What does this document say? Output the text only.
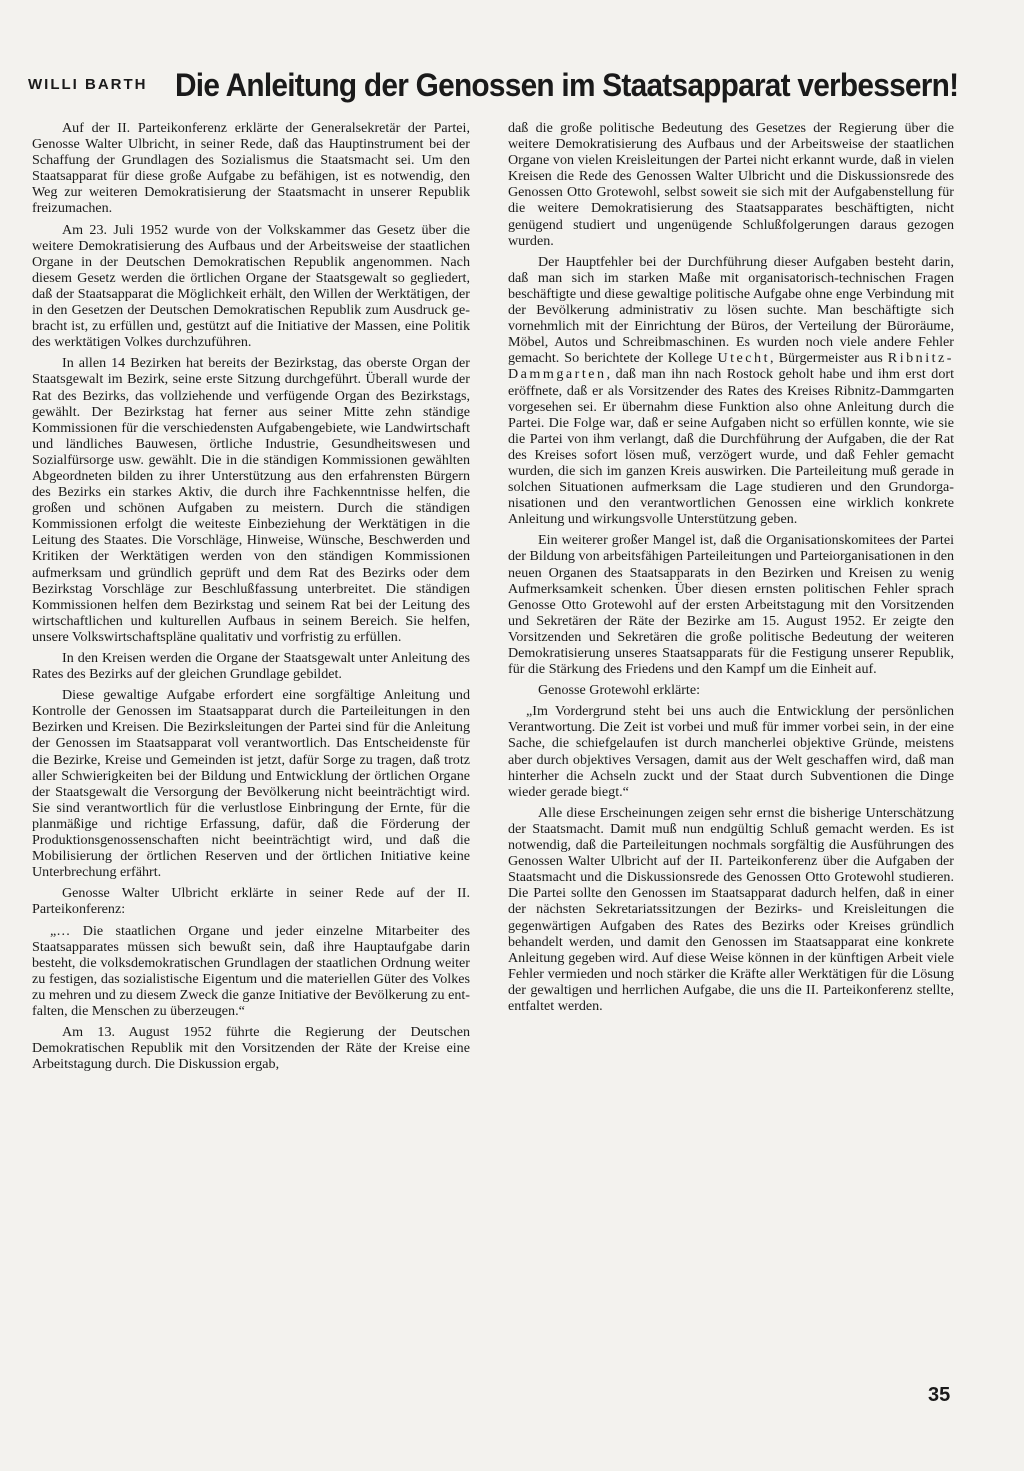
WILLI BARTH Die Anleitung der Genossen im Staatsapparat verbessern!

Auf der II. Parteikonferenz erklärte der Generalsekretär der Partei, Genosse Walter Ulbricht, in seiner Rede, daß das Hauptinstrument bei der Schaffung der Grundlagen des Sozialismus die Staatsmacht sei. Um den Staatsapparat für diese große Aufgabe zu befähigen, ist es notwendig, den Weg zur weiteren Demokratisierung der Staatsmacht in unserer Republik freizumachen.

Am 23. Juli 1952 wurde von der Volkskammer das Gesetz über die weitere Demokratisierung des Aufbaus und der Arbeitsweise der staatlichen Organe in der Deutschen Demokratischen Republik angenommen. Nach diesem Gesetz werden die örtlichen Organe der Staatsgewalt so gegliedert, daß der Staatsapparat die Möglichkeit erhält, den Willen der Werktätigen, der in den Gesetzen der Deutschen Demokratischen Republik zum Ausdruck gebracht ist, zu erfüllen und, gestützt auf die Initiative der Massen, eine Politik des werktätigen Volkes durchzuführen.

In allen 14 Bezirken hat bereits der Bezirkstag, das oberste Organ der Staatsgewalt im Bezirk, seine erste Sitzung durchgeführt. Überall wurde der Rat des Bezirks, das vollziehende und verfügende Organ des Bezirkstags, gewählt. Der Bezirkstag hat ferner aus seiner Mitte zehn ständige Kommissionen für die verschiedensten Aufgabengebiete, wie Landwirtschaft und ländliches Bauwesen, örtliche Industrie, Gesundheitswesen und Sozialfürsorge usw. gewählt. Die in die ständigen Kommissionen gewählten Abgeordneten bilden zu ihrer Unterstützung aus den erfahrensten Bürgern des Bezirks ein starkes Aktiv, die durch ihre Fachkenntnisse helfen, die großen und schönen Aufgaben zu meistern. Durch die ständigen Kommissionen erfolgt die weiteste Einbeziehung der Werktätigen in die Leitung des Staates. Die Vorschläge, Hinweise, Wünsche, Beschwerden und Kritiken der Werktätigen werden von den ständigen Kommissionen aufmerksam und gründlich geprüft und dem Rat des Bezirks oder dem Bezirkstag Vorschläge zur Beschlußfassung unterbreitet. Die ständigen Kommissionen helfen dem Bezirkstag und seinem Rat bei der Leitung des wirtschaftlichen und kulturellen Aufbaus in seinem Bereich. Sie helfen, unsere Volkswirtschaftspläne qualitativ und vorfristig zu erfüllen.

In den Kreisen werden die Organe der Staatsgewalt unter Anleitung des Rates des Bezirks auf der gleichen Grundlage gebildet.

Diese gewaltige Aufgabe erfordert eine sorgfältige Anleitung und Kontrolle der Genossen im Staatsapparat durch die Parteileitungen in den Bezirken und Kreisen. Die Bezirksleitungen der Partei sind für die Anleitung der Genossen im Staatsapparat voll verantwortlich. Das Entscheidenste für die Bezirke, Kreise und Gemeinden ist jetzt, dafür Sorge zu tragen, daß trotz aller Schwierigkeiten bei der Bildung und Entwicklung der örtlichen Organe der Staatsgewalt die Versorgung der Bevölkerung nicht beeinträchtigt wird. Sie sind verantwortlich für die verlustlose Einbringung der Ernte, für die planmäßige und richtige Erfassung, dafür, daß die Förderung der Produktionsgenossenschaften nicht beeinträchtigt wird, und daß die Mobilisierung der örtlichen Reserven und der örtlichen Initiative keine Unterbrechung erfährt.

Genosse Walter Ulbricht erklärte in seiner Rede auf der II. Parteikonferenz:

„… Die staatlichen Organe und jeder einzelne Mitarbeiter des Staatsapparates müssen sich bewußt sein, daß ihre Hauptaufgabe darin besteht, die volksdemokratischen Grundlagen der staatlichen Ordnung weiter zu festigen, das sozialistische Eigentum und die materiellen Güter des Volkes zu mehren und zu diesem Zweck die ganze Initiative der Bevölkerung zu entfalten, die Menschen zu überzeugen.“

Am 13. August 1952 führte die Regierung der Deutschen Demokratischen Republik mit den Vorsitzenden der Räte der Kreise eine Arbeitstagung durch. Die Diskussion ergab,

daß die große politische Bedeutung des Gesetzes der Regierung über die weitere Demokratisierung des Aufbaus und der Arbeitsweise der staatlichen Organe von vielen Kreisleitungen der Partei nicht erkannt wurde, daß in vielen Kreisen die Rede des Genossen Walter Ulbricht und die Diskussionsrede des Genossen Otto Grotewohl, selbst soweit sie sich mit der Aufgabenstellung für die weitere Demokratisierung des Staatsapparates beschäftigten, nicht genügend studiert und ungenügende Schlußfolgerungen daraus gezogen wurden.

Der Hauptfehler bei der Durchführung dieser Aufgaben besteht darin, daß man sich im starken Maße mit organisatorisch-technischen Fragen beschäftigte und diese gewaltige politische Aufgabe ohne enge Verbindung mit der Bevölkerung administrativ zu lösen suchte. Man beschäftigte sich vornehmlich mit der Einrichtung der Büros, der Verteilung der Büroräume, Möbel, Autos und Schreibmaschinen. Es wurden noch viele andere Fehler gemacht. So berichtete der Kollege Utecht, Bürgermeister aus Ribnitz-Dammgarten, daß man ihn nach Rostock geholt habe und ihm erst dort eröffnete, daß er als Vorsitzender des Rates des Kreises Ribnitz-Dammgarten vorgesehen sei. Er übernahm diese Funktion also ohne Anleitung durch die Partei. Die Folge war, daß er seine Aufgaben nicht so erfüllen konnte, wie sie die Partei von ihm verlangt, daß die Durchführung der Aufgaben, die der Rat des Kreises sofort lösen muß, verzögert wurde, und daß Fehler gemacht wurden, die sich im ganzen Kreis auswirken. Die Parteileitung muß gerade in solchen Situationen aufmerksam die Lage studieren und den Grundorganisationen und den verantwortlichen Genossen eine wirklich konkrete Anleitung und wirkungsvolle Unterstützung geben.

Ein weiterer großer Mangel ist, daß die Organisationskomitees der Partei der Bildung von arbeitsfähigen Parteileitungen und Parteiorganisationen in den neuen Organen des Staatsapparats in den Bezirken und Kreisen zu wenig Aufmerksamkeit schenken. Über diesen ernsten politischen Fehler sprach Genosse Otto Grotewohl auf der ersten Arbeitstagung mit den Vorsitzenden und Sekretären der Räte der Bezirke am 15. August 1952. Er zeigte den Vorsitzenden und Sekretären die große politische Bedeutung der weiteren Demokratisierung unseres Staatsapparats für die Festigung unserer Republik, für die Stärkung des Friedens und den Kampf um die Einheit auf.

Genosse Grotewohl erklärte:

„Im Vordergrund steht bei uns auch die Entwicklung der persönlichen Verantwortung. Die Zeit ist vorbei und muß für immer vorbei sein, in der eine Sache, die schiefgelaufen ist durch mancherlei objektive Gründe, meistens aber durch objektives Versagen, damit aus der Welt geschaffen wird, daß man hinterher die Achseln zuckt und der Staat durch Subventionen die Dinge wieder gerade biegt.“

Alle diese Erscheinungen zeigen sehr ernst die bisherige Unterschätzung der Staatsmacht. Damit muß nun endgültig Schluß gemacht werden. Es ist notwendig, daß die Parteileitungen nochmals sorgfältig die Ausführungen des Genossen Walter Ulbricht auf der II. Parteikonferenz über die Aufgaben der Staatsmacht und die Diskussionsrede des Genossen Otto Grotewohl studieren. Die Partei sollte den Genossen im Staatsapparat dadurch helfen, daß in einer der nächsten Sekretariatssitzungen der Bezirks- und Kreisleitungen die gegenwärtigen Aufgaben des Rates des Bezirks oder Kreises gründlich behandelt werden, und damit den Genossen im Staatsapparat eine konkrete Anleitung gegeben wird. Auf diese Weise können in der künftigen Arbeit viele Fehler vermieden und noch stärker die Kräfte aller Werktätigen für die Lösung der gewaltigen und herrlichen Aufgabe, die uns die II. Parteikonferenz stellte, entfaltet werden.

35
